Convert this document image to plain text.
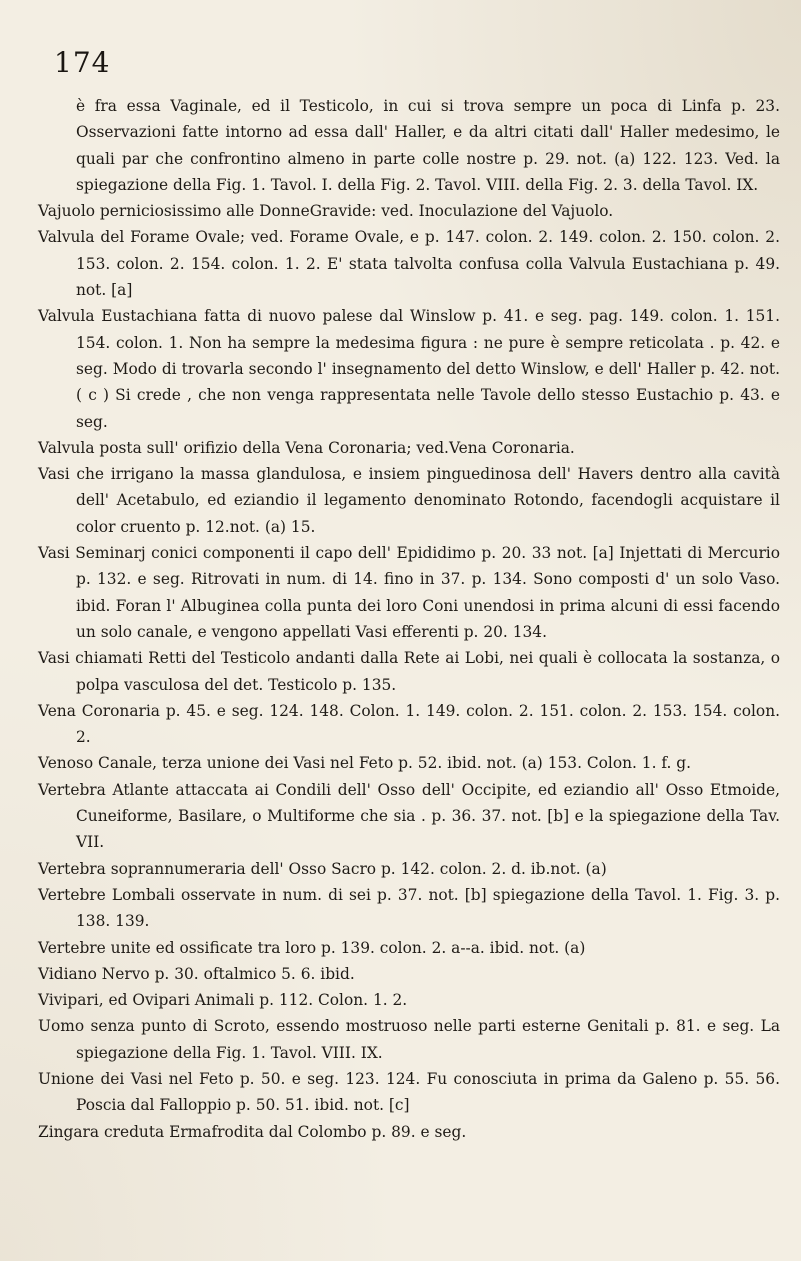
174

è fra essa Vaginale, ed il Testicolo, in cui si trova sempre un poca di Linfa p. 23. Osservazioni fatte intorno ad essa dall' Haller, e da altri citati dall' Haller medesimo, le quali par che confrontino almeno in parte colle nostre p. 29. not. (a) 122. 123. Ved. la spiegazione della Fig. 1. Tavol. I. della Fig. 2. Tavol. VIII. della Fig. 2. 3. della Tavol. IX.

Vajuolo perniciosissimo alle DonneGravide: ved. Inoculazione del Vajuolo.

Valvula del Forame Ovale; ved. Forame Ovale, e p. 147. colon. 2. 149. colon. 2. 150. colon. 2. 153. colon. 2. 154. colon. 1. 2. E' stata talvolta confusa colla Valvula Eustachiana p. 49. not. [a]

Valvula Eustachiana fatta di nuovo palese dal Winslow p. 41. e seg. pag. 149. colon. 1. 151. 154. colon. 1. Non ha sempre la medesima figura : ne pure è sempre reticolata . p. 42. e seg. Modo di trovarla secondo l' insegnamento del detto Winslow, e dell' Haller p. 42. not. ( c ) Si crede , che non venga rappresentata nelle Tavole dello stesso Eustachio p. 43. e seg.

Valvula posta sull' orifizio della Vena Coronaria; ved.Vena Coronaria.

Vasi che irrigano la massa glandulosa, e insiem pinguedinosa dell' Havers dentro alla cavità dell' Acetabulo, ed eziandio il legamento denominato Rotondo, facendogli acquistare il color cruento p. 12.not. (a) 15.

Vasi Seminarj conici componenti il capo dell' Epididimo p. 20. 33 not. [a] Injettati di Mercurio p. 132. e seg. Ritrovati in num. di 14. fino in 37. p. 134. Sono composti d' un solo Vaso. ibid. Foran l' Albuginea colla punta dei loro Coni unendosi in prima alcuni di essi facendo un solo canale, e vengono appellati Vasi efferenti p. 20. 134.

Vasi chiamati Retti del Testicolo andanti dalla Rete ai Lobi, nei quali è collocata la sostanza, o polpa vasculosa del det. Testicolo p. 135.

Vena Coronaria p. 45. e seg. 124. 148. Colon. 1. 149. colon. 2. 151. colon. 2. 153. 154. colon. 2.

Venoso Canale, terza unione dei Vasi nel Feto p. 52. ibid. not. (a) 153. Colon. 1. f. g.

Vertebra Atlante attaccata ai Condili dell' Osso dell' Occipite, ed eziandio all' Osso Etmoide, Cuneiforme, Basilare, o Multiforme che sia . p. 36. 37. not. [b] e la spiegazione della Tav. VII.

Vertebra soprannumeraria dell' Osso Sacro p. 142. colon. 2. d. ib.not. (a)

Vertebre Lombali osservate in num. di sei p. 37. not. [b] spiegazione della Tavol. 1. Fig. 3. p. 138. 139.

Vertebre unite ed ossificate tra loro p. 139. colon. 2. a--a. ibid. not. (a)

Vidiano Nervo p. 30. oftalmico 5. 6. ibid.

Vivipari, ed Ovipari Animali p. 112. Colon. 1. 2.

Uomo senza punto di Scroto, essendo mostruoso nelle parti esterne Genitali p. 81. e seg. La spiegazione della Fig. 1. Tavol. VIII. IX.

Unione dei Vasi nel Feto p. 50. e seg. 123. 124. Fu conosciuta in prima da Galeno p. 55. 56. Poscia dal Falloppio p. 50. 51. ibid. not. [c]

Zingara creduta Ermafrodita dal Colombo p. 89. e seg.
